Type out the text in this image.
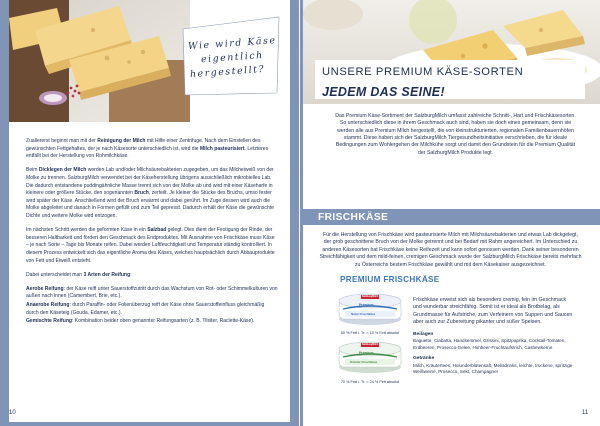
Wie wird Käse
eigentlich
hergestellt?

Zuallererst beginnt man mit der Reinigung der Milch mit Hilfe einer Zentrifuge. Nach dem Einstellen des gewünschten Fettgehaltes, der je nach Käsesorte unterschiedlich ist, wird die Milch pasteurisiert. Letzteres entfällt bei der Herstellung von Rohmilchkäse.

Beim Dicklegen der Milch werden Lab und/oder Milchsäurebakterien zugegeben, um das Milcheiweiß von der Molke zu trennen. SalzburgMilch verwendet bei der Käseherstellung übrigens ausschließlich mikrobielles Lab. Die dadurch entstandene puddingähnliche Masse trennt sich von der Molke ab und wird mit einer Käseharfe in kleinere oder größere Stücke, den sogenannten Bruch, zerteilt. Je kleiner die Stücke des Bruchs, umso fester wird später der Käse. Anschließend wird der Bruch erwärmt und dabei gerührt. Im Zuge dessen wird auch die Molke abgeleitet und danach in Formen gefüllt und zum Teil gepresst. Dadurch erhält der Käse die gewünschte Dichte und weitere Molke wird entzogen.

Im nächsten Schritt werden die geformten Käse in ein Salzbad gelegt. Dies dient der Festigung der Rinde, der besseren Haltbarkeit und fördert den Geschmack des Endproduktes. Mit Ausnahme von Frischkäse muss Käse – je nach Sorte – Tage bis Monate reifen. Dabei werden Luftfeuchtigkeit und Temperatur ständig kontrolliert. In diesem Prozess entwickelt sich das eigentliche Aroma des Käses, welches hauptsächlich durch Abbauprodukte von Fett und Eiweiß entsteht.

Dabei unterscheidet man 3 Arten der Reifung:

Aerobe Reifung: der Käse reift unter Sauerstoffzutritt durch das Wachstum von Rot- oder Schimmelkulturen von außen nach innen (Camembert, Brie, etc.).

Anaerobe Reifung: durch Paraffin- oder Folienüberzug reift der Käse ohne Sauerstoffeinfluss gleichmäßig durch den Käseteig (Gouda, Edamer, etc.).

Gemischte Reifung: Kombination beider oben genannter Reifungsarten (z. B. Tilsiter, Raclette-Käse).

10
UNSERE PREMIUM KÄSE-SORTEN
JEDEM DAS SEINE!
Das Premium Käse-Sortiment der SalzburgMilch umfasst zahlreiche Schnitt-, Hart und Frischkäsesorten. So unterschiedlich diese in ihrem Geschmack auch sind, haben sie doch eines gemeinsam, denn sie werden alle aus Premium Milch hergestellt, die von kleinstrukturierten, regionalen Familienbauernhöfen stammt. Diese haben sich der SalzburgMilch Tiergesundheitsinitiative verschrieben, die für ideale Bedingungen zum Wohlergehen der Milchkühe sorgt und damit den Grundstein für die Premium Qualität der SalzburgMilch Produkte legt.
FRISCHKÄSE
Für die Herstellung von Frischkäse wird pasteurisierte Milch mit Milchsäurebakterien und etwas Lab dickgelegt, der grob geschnittene Bruch von der Molke getrennt und bei Bedarf mit Rahm angereichert. Im Unterschied zu anderen Käsesorten hat Frischkäse keine Reifezeit und kann sofort genossen werden. Dank seiner besonderen Streichfähigkeit und dem mild-feinen, cremigen Geschmack wurde der SalzburgMilch Frischkäse bereits mehrfach zu Österreichs bestem Frischkäse gewählt und mit dem Käsekaiser ausgezeichnet.
PREMIUM FRISCHKÄSE
SalzburgMilch
Premium
Natur Frischkäse
60 % Fett i. Tr. = 19 % Fett absolut
SalzburgMilch
Premium
Kräuter Frischkäse
70 % Fett i. Tr. = 24 % Fett absolut
Frischkäse erweist sich als besonders cremig, fein im Geschmack und wunderbar streichfähig. Somit ist er ideal als Brotbelag, als Grundmasse für Aufstriche, zum Verfeinern von Suppen und Saucen aber auch zur Zubereitung pikanter und süßer Speisen.
Beilagen
Baguette, Ciabatta, Handsemmel, Grissini, Spitzpaprika, Cocktail-Tomaten, Erdbeeren, Prosecco-Gelee, Himbeer-Fruchtaufstrich, Cashewkerne
Getränke
Milch, Kräutertees, Holunderblütensaft, Melisdrinks, leichte, trockene, spritzige Weißweine, Prosecco, Sekt, Champagner
11
